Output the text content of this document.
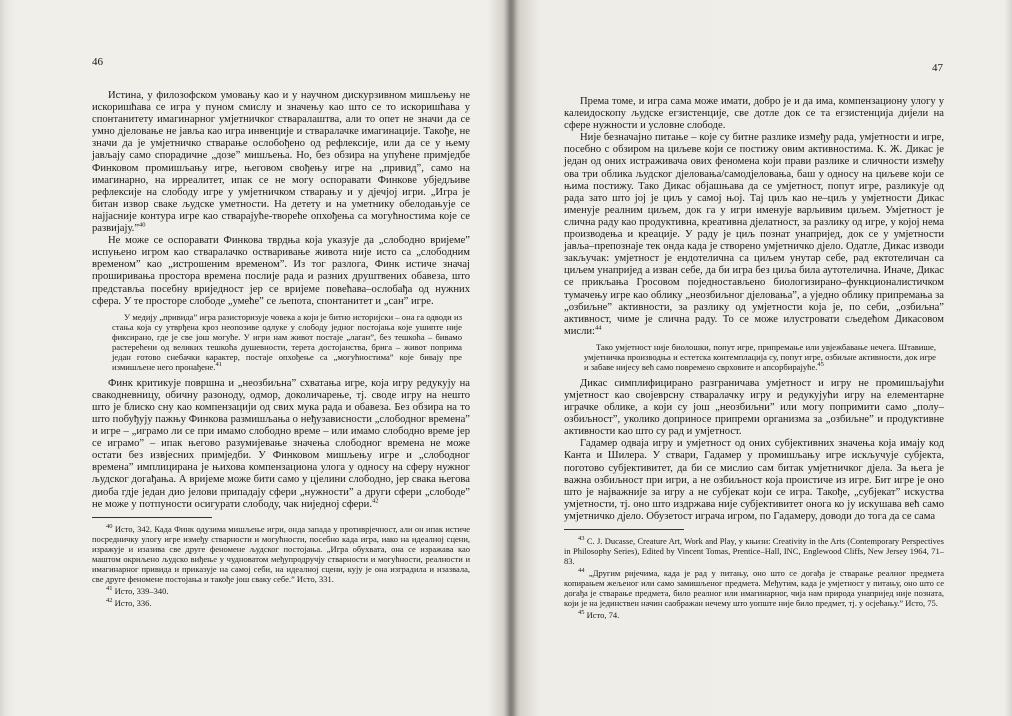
46

Истина, у филозофском умовању као и у научном дискурзивном мишљењу не искоришћава се игра у пуном смислу и значењу као што се то искоришћава у спонтанитету имагинарног умјетничког стваралаштва, али то опет не значи да се умно дјеловање не јавља као игра инвенције и стваралачке имагинације. Такође, не значи да је умјетничко стварање ослобођено од рефлексије, или да се у њему јављају само спорадичне „дозе” мишљења. Но, без обзира на упућене примједбе Финковом промишљању игре, његовом свођењу игре на „привид”, само на имагинарно, на ирреалитет, ипак се не могу оспоравати Финкове убједљиве рефлексије на слободу игре у умјетничком стварању и у дјечјој игри. „Игра је битан извор сваке људске уметности. На детету и на уметнику обелодањује се најјасније контура игре као стварајуће-твореће опхођења са могућностима које се развијају.”$^{40}$

Не може се оспоравати Финкова тврдња која указује да „слободно вријеме” испуњено игром као стваралачко остваривање живота није исто са „слободним временом” као „истрошеним временом”. Из тог разлога, Финк истиче значај проширивања простора времена послије рада и разних друштвених обавеза, што представља посебну вриједност јер се вријеме повећава–ослобађа од нужних сфера. У те просторе слободе „умеће” се љепота, спонтанитет и „сан” игре.

У медију „привида” игра разисторизује човека а који је битно историјски – она га одводи из стања која су утврђена кроз неопозиве одлуке у слободу једног постојања које ушипте није фиксирано, где је све још могуће. У игри нам живот постаје „лаган”, без тешкоћа – бивамо растерећени од великих тешкоћа душевности, терета достојанства, брига – живот поприма један готово снебачки карактер, постаје опхођење са „могућностима” које бивају пре измишљене него пронађене.$^{41}$

Финк критикује површна и „неозбиљна” схватања игре, која игру редукују на свакодневницу, обичну разоноду, одмор, доколичарење, тј. своде игру на нешто што је блиско сну као компензацији од свих мука рада и обавеза. Без обзира на то што побуђују пажњу Финкова размишљања о неђузависности „слободног времена” и игре – „играмо ли се при имамо слободно време – или имамо слободно време јер се играмо” – ипак његово разумијевање значења слободног времена не може остати без извјесних примједби. У Финковом мишљењу игре и „слободног времена” имплицирана је њихова компензациона улога у односу на сферу нужног људског догађања. А вријеме може бити само у цјелини слободно, јер свака његова диоба гдје један дио јелови припадају сфери „нужности” а други сфери „слободе” не може у потпуности осигурати слободу, чак ниједној сфери.$^{42}$

$^{40}$ Исто, 342. Када Финк одузима мишљење игри, онда запада у противрјечност, али он ипак истиче посредничку улогу игре између стварности и могућности, посебно када игра, иако на идеалној сцени, изражује и изазива све друге феномене људског постојања. „Игра обухвата, она се изражава као маштом окриљено људско виђење у чудноватом међупродручју стварности и могућности, реалности и имагинарног привида и приказује на самој себи, на идеалној сцени, кују је она изградила и изазвала, све друге феномене постојања и такође још сваку себе.” Исто, 331.
$^{41}$ Исто, 339–340.
$^{42}$ Исто, 336.
47

Према томе, и игра сама може имати, добро је и да има, компензациону улогу у калеидоскопу људске егзистенције, све дотле док се та егзистенција дијели на сфере нужности и условне слободе.

Није безначајно питање – које су битне разлике између рада, умјетности и игре, посебно с обзиром на циљеве који се постижу овим активностима. К. Ж. Дикас је један од оних истраживача ових феномена који прави разлике и сличности између ова три облика људског дјеловања/самодјеловања, баш у односу на циљеве који се њима постижу. Тако Дикас објашњава да се умјетност, попут игре, разликује од рада зато што јој је циљ у самој њој. Тај циљ као не–циљ у умјетности Дикас именује реалним циљем, док га у игри именује варљивим циљем. Умјетност је слична раду као продуктивна, креативна дјелатност, за разлику од игре, у којој нема производења и креације. У раду је циљ познат унапријед, док се у умјетности јавља–препознаје тек онда када је створено умјетничко дјело. Одатле, Дикас изводи закључак: умјетност је ендотелична са циљем унутар себе, рад ектотеличан са циљем унапријед а изван себе, да би игра без циља била аутотелична. Иначе, Дикас се прикљања Гросовом поједностављено биологизирано–функционалистичком тумачењу игре као облику „неозбиљног дјеловања”, а уједно облику припремања за „озбиљне” активности, за разлику од умјетности која је, по себи, „озбиљна” активност, чиме је слична раду. То се може илустровати сљедећом Дикасовом мисли:$^{44}$

Тако умјетност није биолошки, попут игре, припремање или увјежбавање нечега. Штавише, умјетничка производња и естетска контемплација су, попут игре, озбиљне активности, док игре и забаве нијесу већ само повремено сврховите и апсорбирајуће.$^{45}$

Дикас симплифицирано разграничава умјетност и игру не промишљајући умјетност као својеврсну стваралачку игру и редукујући игру на елементарне играчке облике, а који су још „неозбиљни” или могу попримити само „полу–озбиљност”, уколико доприносе припреми организма за „озбиљне” и продуктивне активности као што су рад и умјетност.

Гадамер одваја игру и умјетност од оних субјективних значења која имају код Канта и Шилера. У ствари, Гадамер у промишљању игре искључује субјекта, поготово субјективитет, да би се мислио сам битак умјетничког дјела. За њега је важна озбиљност при игри, а не озбиљност која проистиче из игре. Бит игре је оно што је најважније за игру а не субјекат који се игра. Такође, „субјекат” искуства умјетности, тј. оно што издржава није субјективитет онога ко ју искушава већ само умјетничко дјело. Обузетост играча игром, по Гадамеру, доводи до тога да се сама

$^{43}$ C. J. Ducasse, Creature Art, Work and Play, у књизи: Creativity in the Arts (Contemporary Perspectives in Philosophy Series), Edited by Vincent Tomas, Prentice–Hall, INC, Englewood Cliffs, New Jersey 1964, 71–83.
$^{44}$ „Другим ријечима, када је рад у питању, оно што се догађа је стварање реалног предмета копирањем жељеног или само замишљеног предмета. Међутим, када је умјетност у питању, оно што се догађа је стварање предмета, било реалног или имагинарног, чија нам природа унапријед није позната, који је на јединствен начин саображан нечему што уопште није било предмет, тј. у осјећању.” Исто, 75.
$^{45}$ Исто, 74.
